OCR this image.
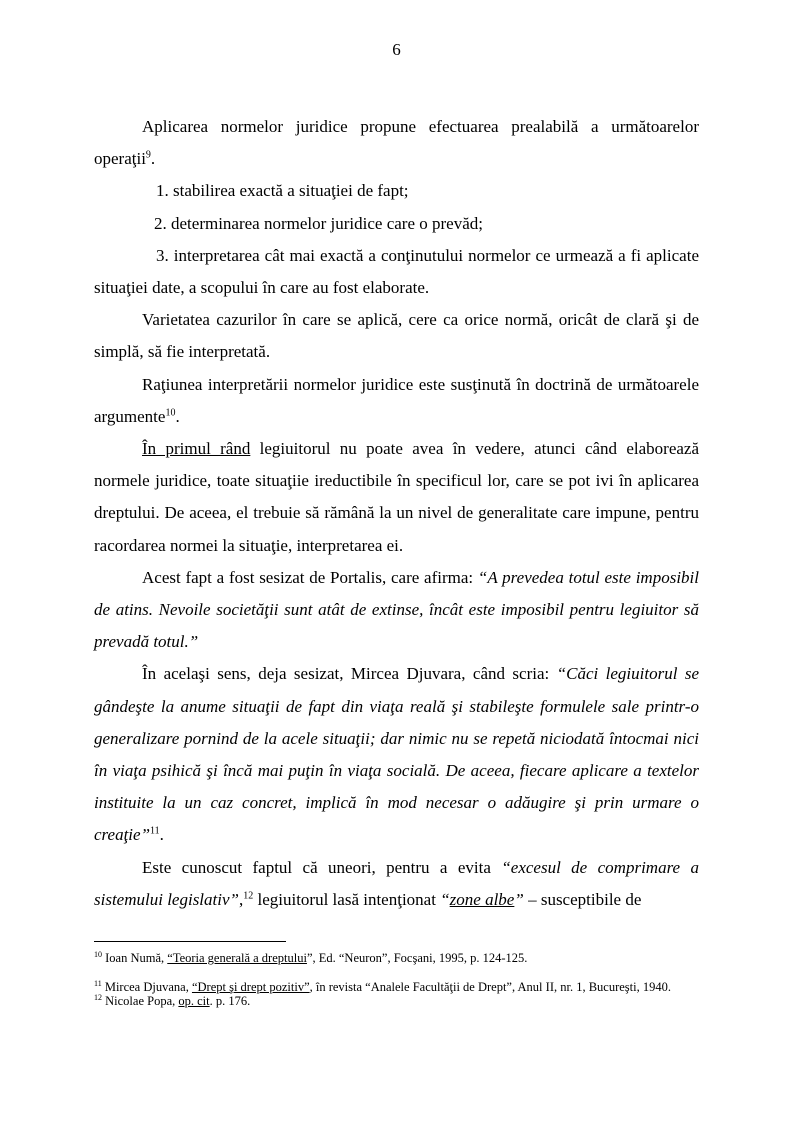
6

Aplicarea normelor juridice propune efectuarea prealabilă a următoarelor operaţii$^9$.

1. stabilirea exactă a situaţiei de fapt;

2. determinarea normelor juridice care o prevăd;

3. interpretarea cât mai exactă a conţinutului normelor ce urmează a fi aplicate situaţiei date, a scopului în care au fost elaborate.

Varietatea cazurilor în care se aplică, cere ca orice normă, oricât de clară şi de simplă, să fie interpretată.

Raţiunea interpretării normelor juridice este susţinută în doctrină de următoarele argumente$^{10}$.

În primul rând legiuitorul nu poate avea în vedere, atunci când elaborează normele juridice, toate situaţiie ireductibile în specificul lor, care se pot ivi în aplicarea dreptului. De aceea, el trebuie să rămână la un nivel de generalitate care impune, pentru racordarea normei la situaţie, interpretarea ei.

Acest fapt a fost sesizat de Portalis, care afirma: “A prevedea totul este imposibil de atins. Nevoile societăţii sunt atât de extinse, încât este imposibil pentru legiuitor să prevadă totul.”

În acelaşi sens, deja sesizat, Mircea Djuvara, când scria: “Căci legiuitorul se gândeşte la anume situaţii de fapt din viaţa reală şi stabileşte formulele sale printr-o generalizare pornind de la acele situaţii; dar nimic nu se repetă niciodată întocmai nici în viaţa psihică şi încă mai puţin în viaţa socială. De aceea, fiecare aplicare a textelor instituite la un caz concret, implică în mod necesar o adăugire şi prin urmare o creaţie”$^{11}$.

Este cunoscut faptul că uneori, pentru a evita “excesul de comprimare a sistemului legislativ”,$^{12}$ legiuitorul lasă intenţionat “zone albe” – susceptibile de

$^{10}$ Ioan Numă, “Teoria generală a dreptului”, Ed. “Neuron”, Focşani, 1995, p. 124-125.

$^{11}$ Mircea Djuvana, “Drept şi drept pozitiv”, în revista “Analele Facultăţii de Drept”, Anul II, nr. 1, Bucureşti, 1940.

$^{12}$ Nicolae Popa, op. cit. p. 176.
